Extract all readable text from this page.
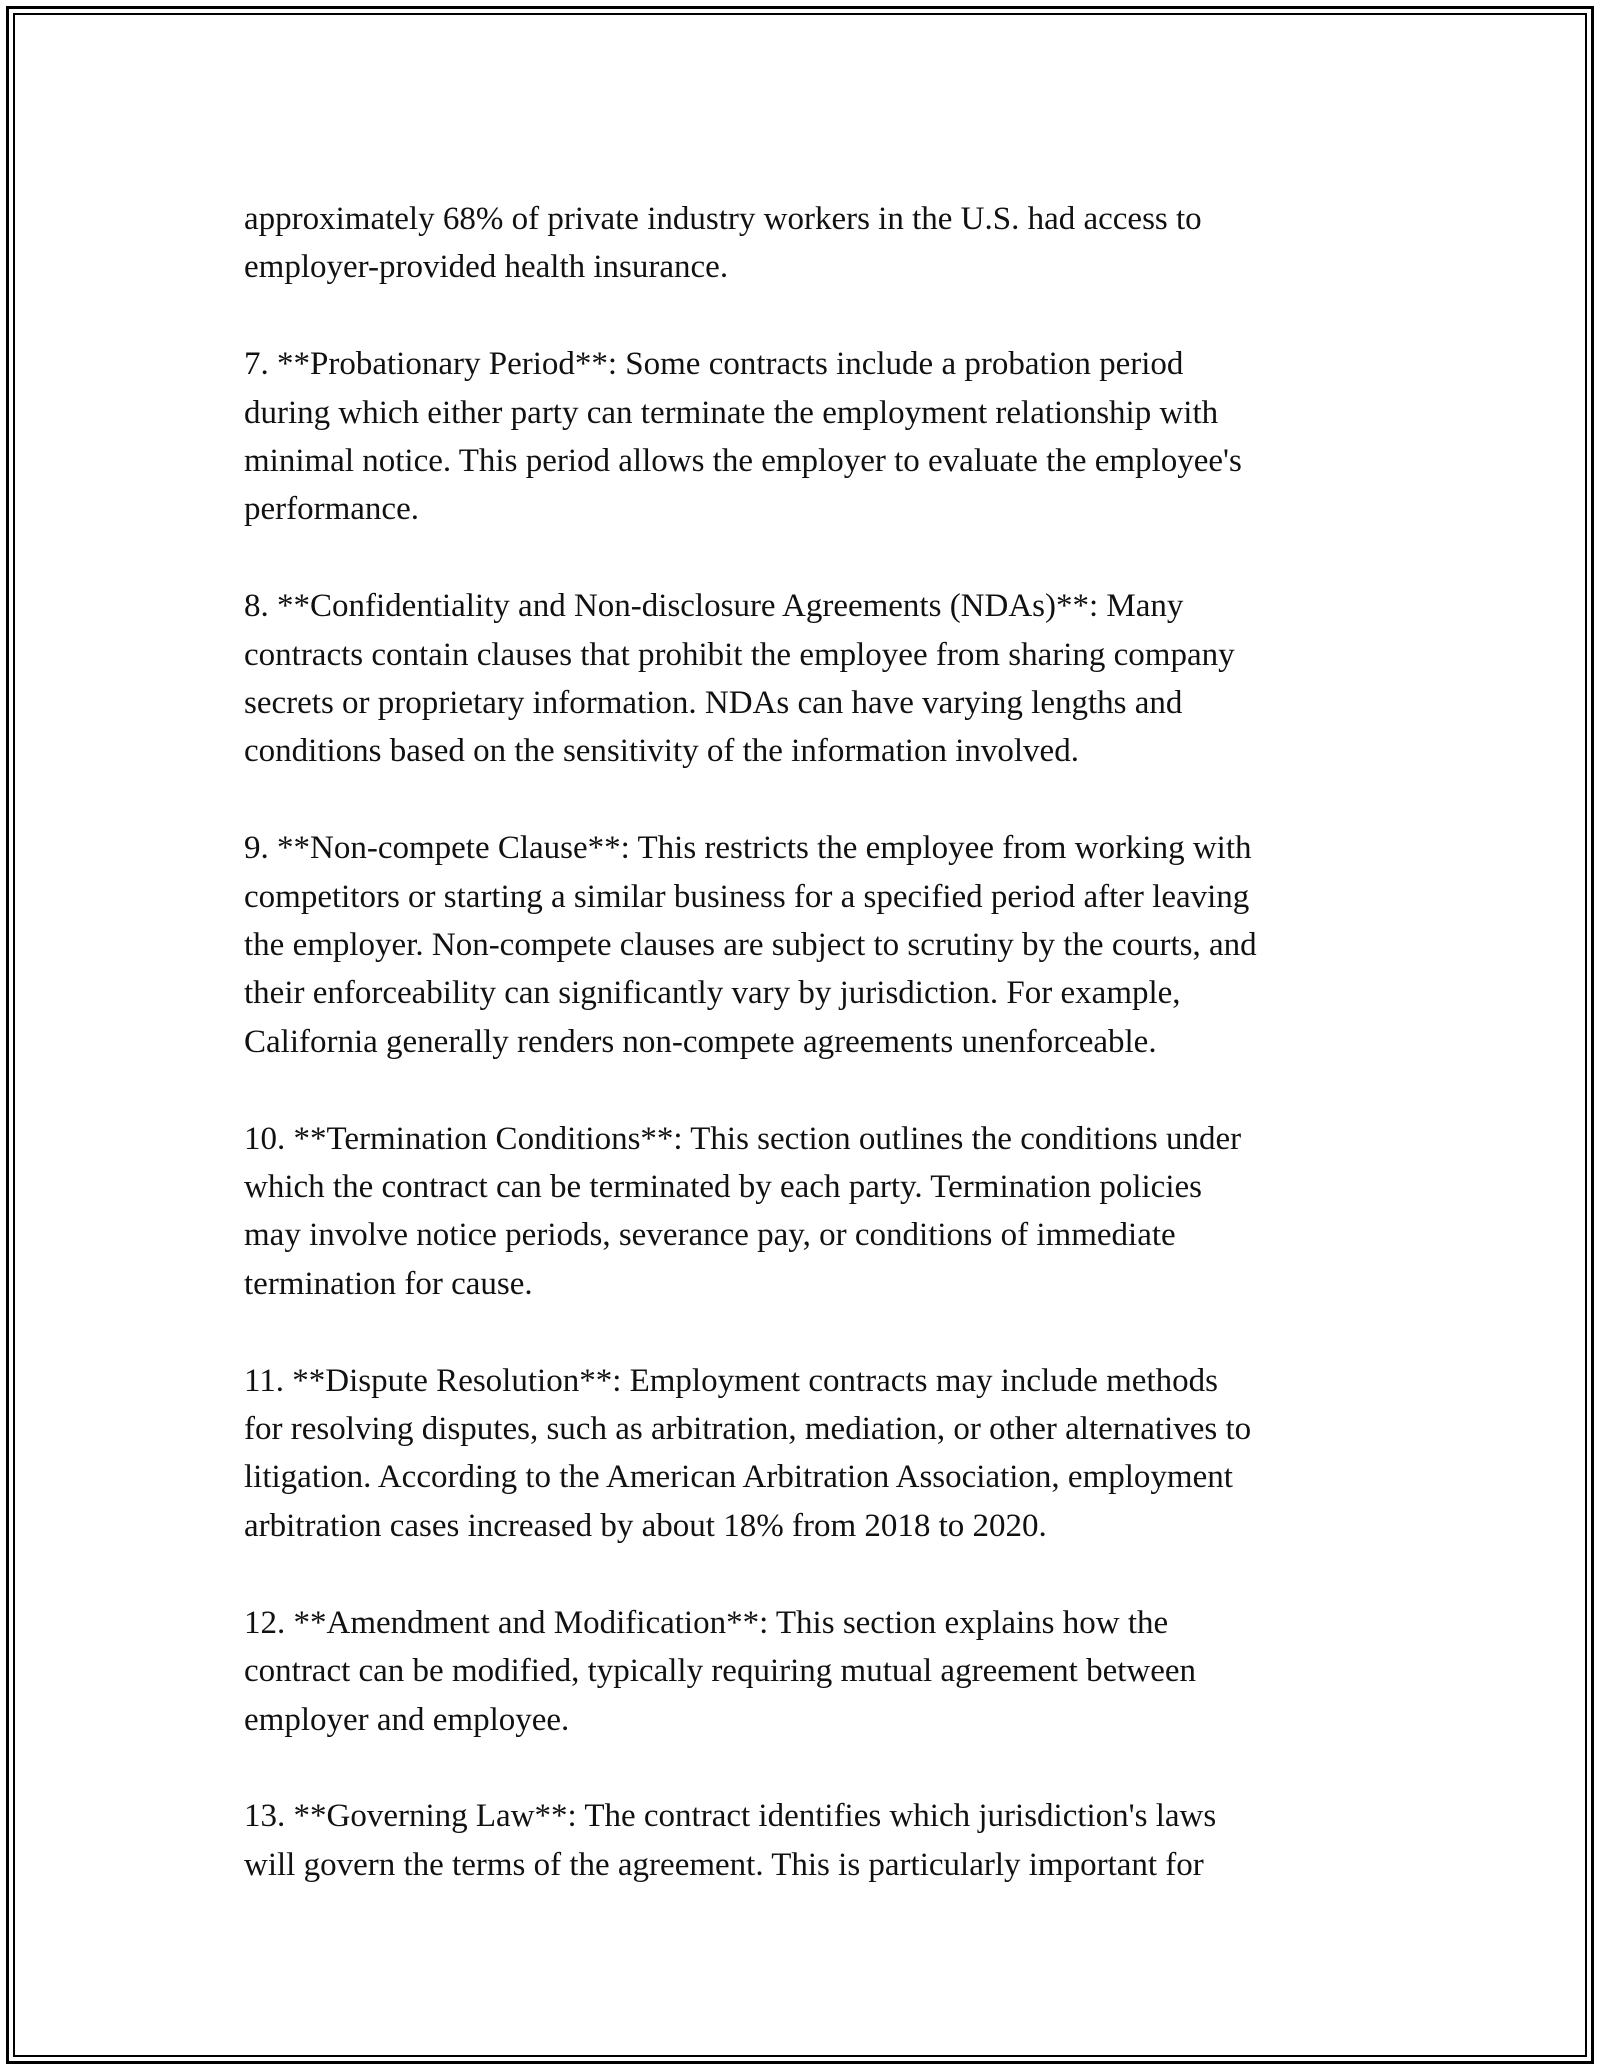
approximately 68% of private industry workers in the U.S. had access to
employer-provided health insurance.

7. **Probationary Period**: Some contracts include a probation period
during which either party can terminate the employment relationship with
minimal notice. This period allows the employer to evaluate the employee's
performance.

8. **Confidentiality and Non-disclosure Agreements (NDAs)**: Many
contracts contain clauses that prohibit the employee from sharing company
secrets or proprietary information. NDAs can have varying lengths and
conditions based on the sensitivity of the information involved.

9. **Non-compete Clause**: This restricts the employee from working with
competitors or starting a similar business for a specified period after leaving
the employer. Non-compete clauses are subject to scrutiny by the courts, and
their enforceability can significantly vary by jurisdiction. For example,
California generally renders non-compete agreements unenforceable.

10. **Termination Conditions**: This section outlines the conditions under
which the contract can be terminated by each party. Termination policies
may involve notice periods, severance pay, or conditions of immediate
termination for cause.

11. **Dispute Resolution**: Employment contracts may include methods
for resolving disputes, such as arbitration, mediation, or other alternatives to
litigation. According to the American Arbitration Association, employment
arbitration cases increased by about 18% from 2018 to 2020.

12. **Amendment and Modification**: This section explains how the
contract can be modified, typically requiring mutual agreement between
employer and employee.

13. **Governing Law**: The contract identifies which jurisdiction's laws
will govern the terms of the agreement. This is particularly important for
